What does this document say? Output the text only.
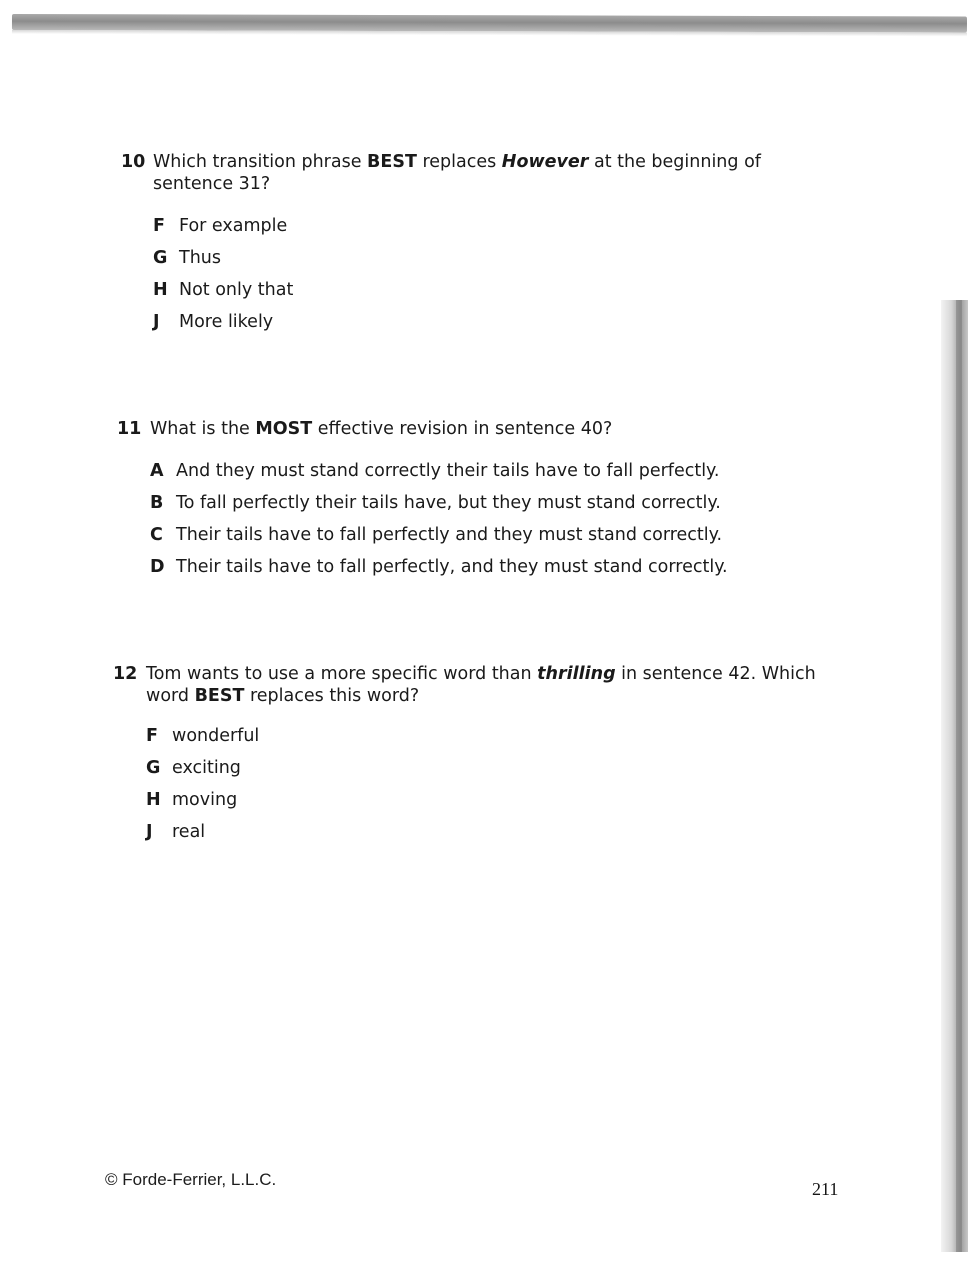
10 Which transition phrase BEST replaces However at the beginning of sentence 31?
F For example
G Thus
H Not only that
J More likely
11 What is the MOST effective revision in sentence 40?
A And they must stand correctly their tails have to fall perfectly.
B To fall perfectly their tails have, but they must stand correctly.
C Their tails have to fall perfectly and they must stand correctly.
D Their tails have to fall perfectly, and they must stand correctly.
12 Tom wants to use a more specific word than thrilling in sentence 42. Which word BEST replaces this word?
F wonderful
G exciting
H moving
J real
© Forde-Ferrier, L.L.C.	211
